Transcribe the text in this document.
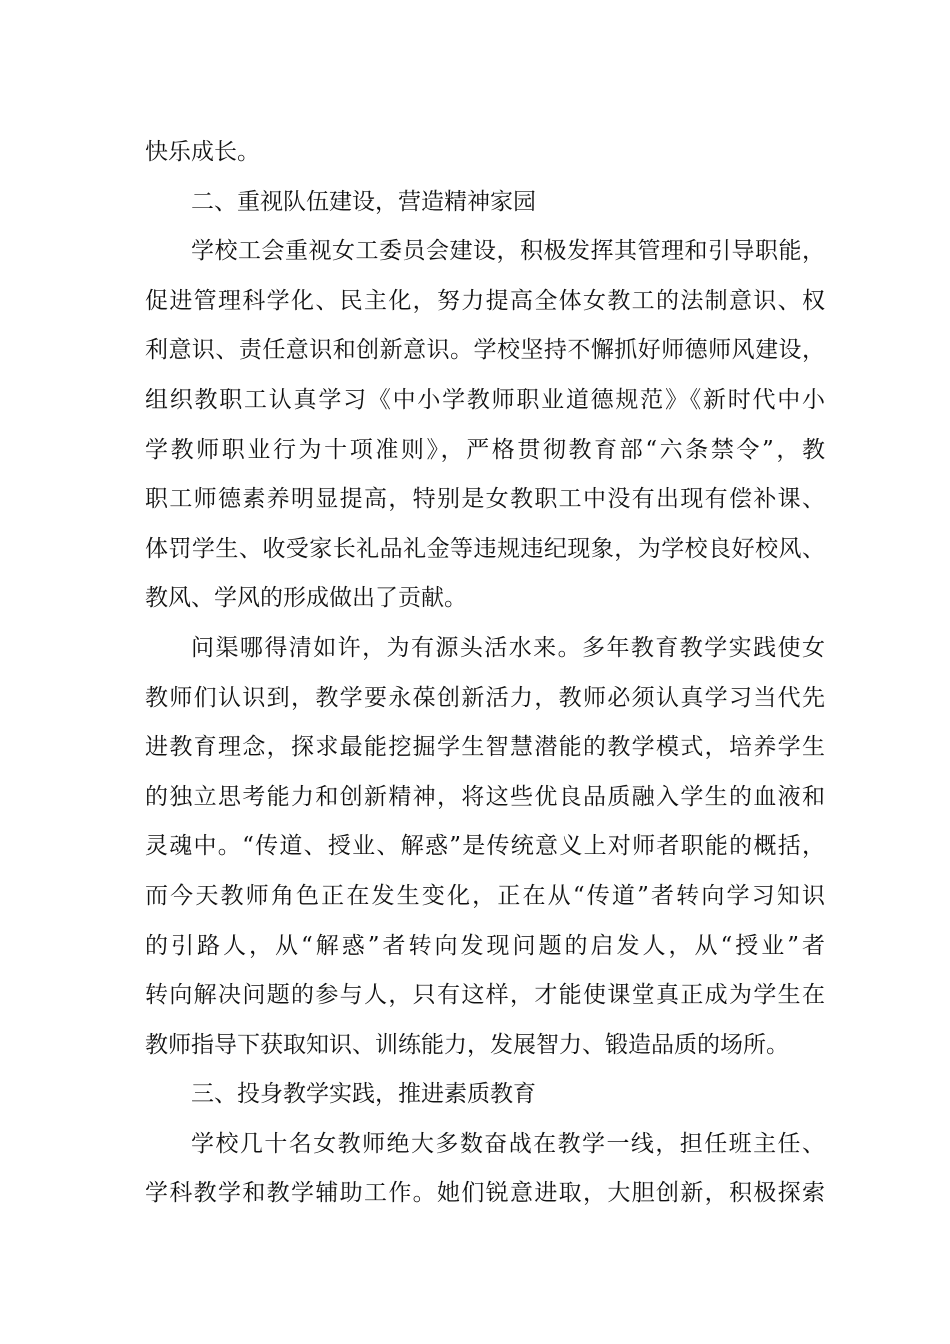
快乐成长。
二、重视队伍建设，营造精神家园
学校工会重视女工委员会建设，积极发挥其管理和引导职能，
促进管理科学化、民主化，努力提高全体女教工的法制意识、权
利意识、责任意识和创新意识。学校坚持不懈抓好师德师风建设，
组织教职工认真学习《中小学教师职业道德规范》《新时代中小
学教师职业行为十项准则》，严格贯彻教育部“六条禁令”，教
职工师德素养明显提高，特别是女教职工中没有出现有偿补课、
体罚学生、收受家长礼品礼金等违规违纪现象，为学校良好校风、
教风、学风的形成做出了贡献。
问渠哪得清如许，为有源头活水来。多年教育教学实践使女
教师们认识到，教学要永葆创新活力，教师必须认真学习当代先
进教育理念，探求最能挖掘学生智慧潜能的教学模式，培养学生
的独立思考能力和创新精神，将这些优良品质融入学生的血液和
灵魂中。“传道、授业、解惑”是传统意义上对师者职能的概括，
而今天教师角色正在发生变化，正在从“传道”者转向学习知识
的引路人，从“解惑”者转向发现问题的启发人，从“授业”者
转向解决问题的参与人，只有这样，才能使课堂真正成为学生在
教师指导下获取知识、训练能力，发展智力、锻造品质的场所。
三、投身教学实践，推进素质教育
学校几十名女教师绝大多数奋战在教学一线，担任班主任、
学科教学和教学辅助工作。她们锐意进取，大胆创新，积极探索
